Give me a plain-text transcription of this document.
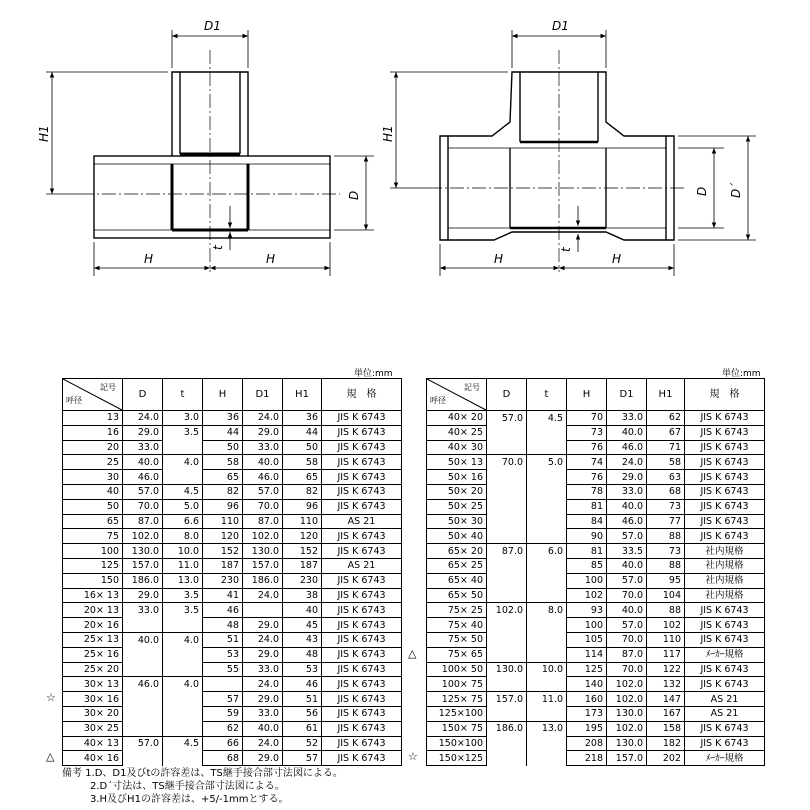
D1
H1
D
t
H	H
D1
H1
D D´
t
H	H
単位:mm	単位:mm
記号
呼径	D	t	H	D1	H1	規　格
13	24.0	3.0	36	24.0	36	JIS K 6743
16	29.0	3.5	44	29.0	44	JIS K 6743
20	33.0		50	33.0	50	JIS K 6743
25	40.0	4.0	58	40.0	58	JIS K 6743
30	46.0		65	46.0	65	JIS K 6743
40	57.0	4.5	82	57.0	82	JIS K 6743
50	70.0	5.0	96	70.0	96	JIS K 6743
65	87.0	6.6	110	87.0	110	AS 21
75	102.0	8.0	120	102.0	120	JIS K 6743
100	130.0	10.0	152	130.0	152	JIS K 6743
125	157.0	11.0	187	157.0	187	AS 21
150	186.0	13.0	230	186.0	230	JIS K 6743
16× 13	29.0	3.5	41	24.0	38	JIS K 6743
20× 13	33.0	3.5	46		40	JIS K 6743
20× 16			48	29.0	45	JIS K 6743
25× 13	40.0	4.0	51	24.0	43	JIS K 6743
25× 16			53	29.0	48	JIS K 6743
25× 20			55	33.0	53	JIS K 6743
30× 13	46.0	4.0		24.0	46	JIS K 6743
30× 16			57	29.0	51	JIS K 6743
30× 20			59	33.0	56	JIS K 6743
30× 25			62	40.0	61	JIS K 6743
40× 13	57.0	4.5	66	24.0	52	JIS K 6743
40× 16			68	29.0	57	JIS K 6743
記号
呼径	D	t	H	D1	H1	規　格
40× 20	57.0	4.5	70	33.0	62	JIS K 6743
40× 25			73	40.0	67	JIS K 6743
40× 30			76	46.0	71	JIS K 6743
50× 13	70.0	5.0	74	24.0	58	JIS K 6743
50× 16			76	29.0	63	JIS K 6743
50× 20			78	33.0	68	JIS K 6743
50× 25			81	40.0	73	JIS K 6743
50× 30			84	46.0	77	JIS K 6743
50× 40			90	57.0	88	JIS K 6743
65× 20	87.0	6.0	81	33.5	73	社内規格
65× 25			85	40.0	88	社内規格
65× 40			100	57.0	95	社内規格
65× 50			102	70.0	104	社内規格
75× 25	102.0	8.0	93	40.0	88	JIS K 6743
75× 40			100	57.0	102	JIS K 6743
75× 50			105	70.0	110	JIS K 6743
75× 65			114	87.0	117	ﾒｰｶｰ規格
100× 50	130.0	10.0	125	70.0	122	JIS K 6743
100× 75			140	102.0	132	JIS K 6743
125× 75	157.0	11.0	160	102.0	147	AS 21
125×100			173	130.0	167	AS 21
150× 75	186.0	13.0	195	102.0	158	JIS K 6743
150×100			208	130.0	182	JIS K 6743
150×125			218	157.0	202	ﾒｰｶｰ規格
備考 1.D、D1及びtの許容差は、TS継手接合部寸法図による。
2.D´寸法は、TS継手接合部寸法図による。
3.H及びH1の許容差は、+5/-1mmとする。
☆
△
△
☆
